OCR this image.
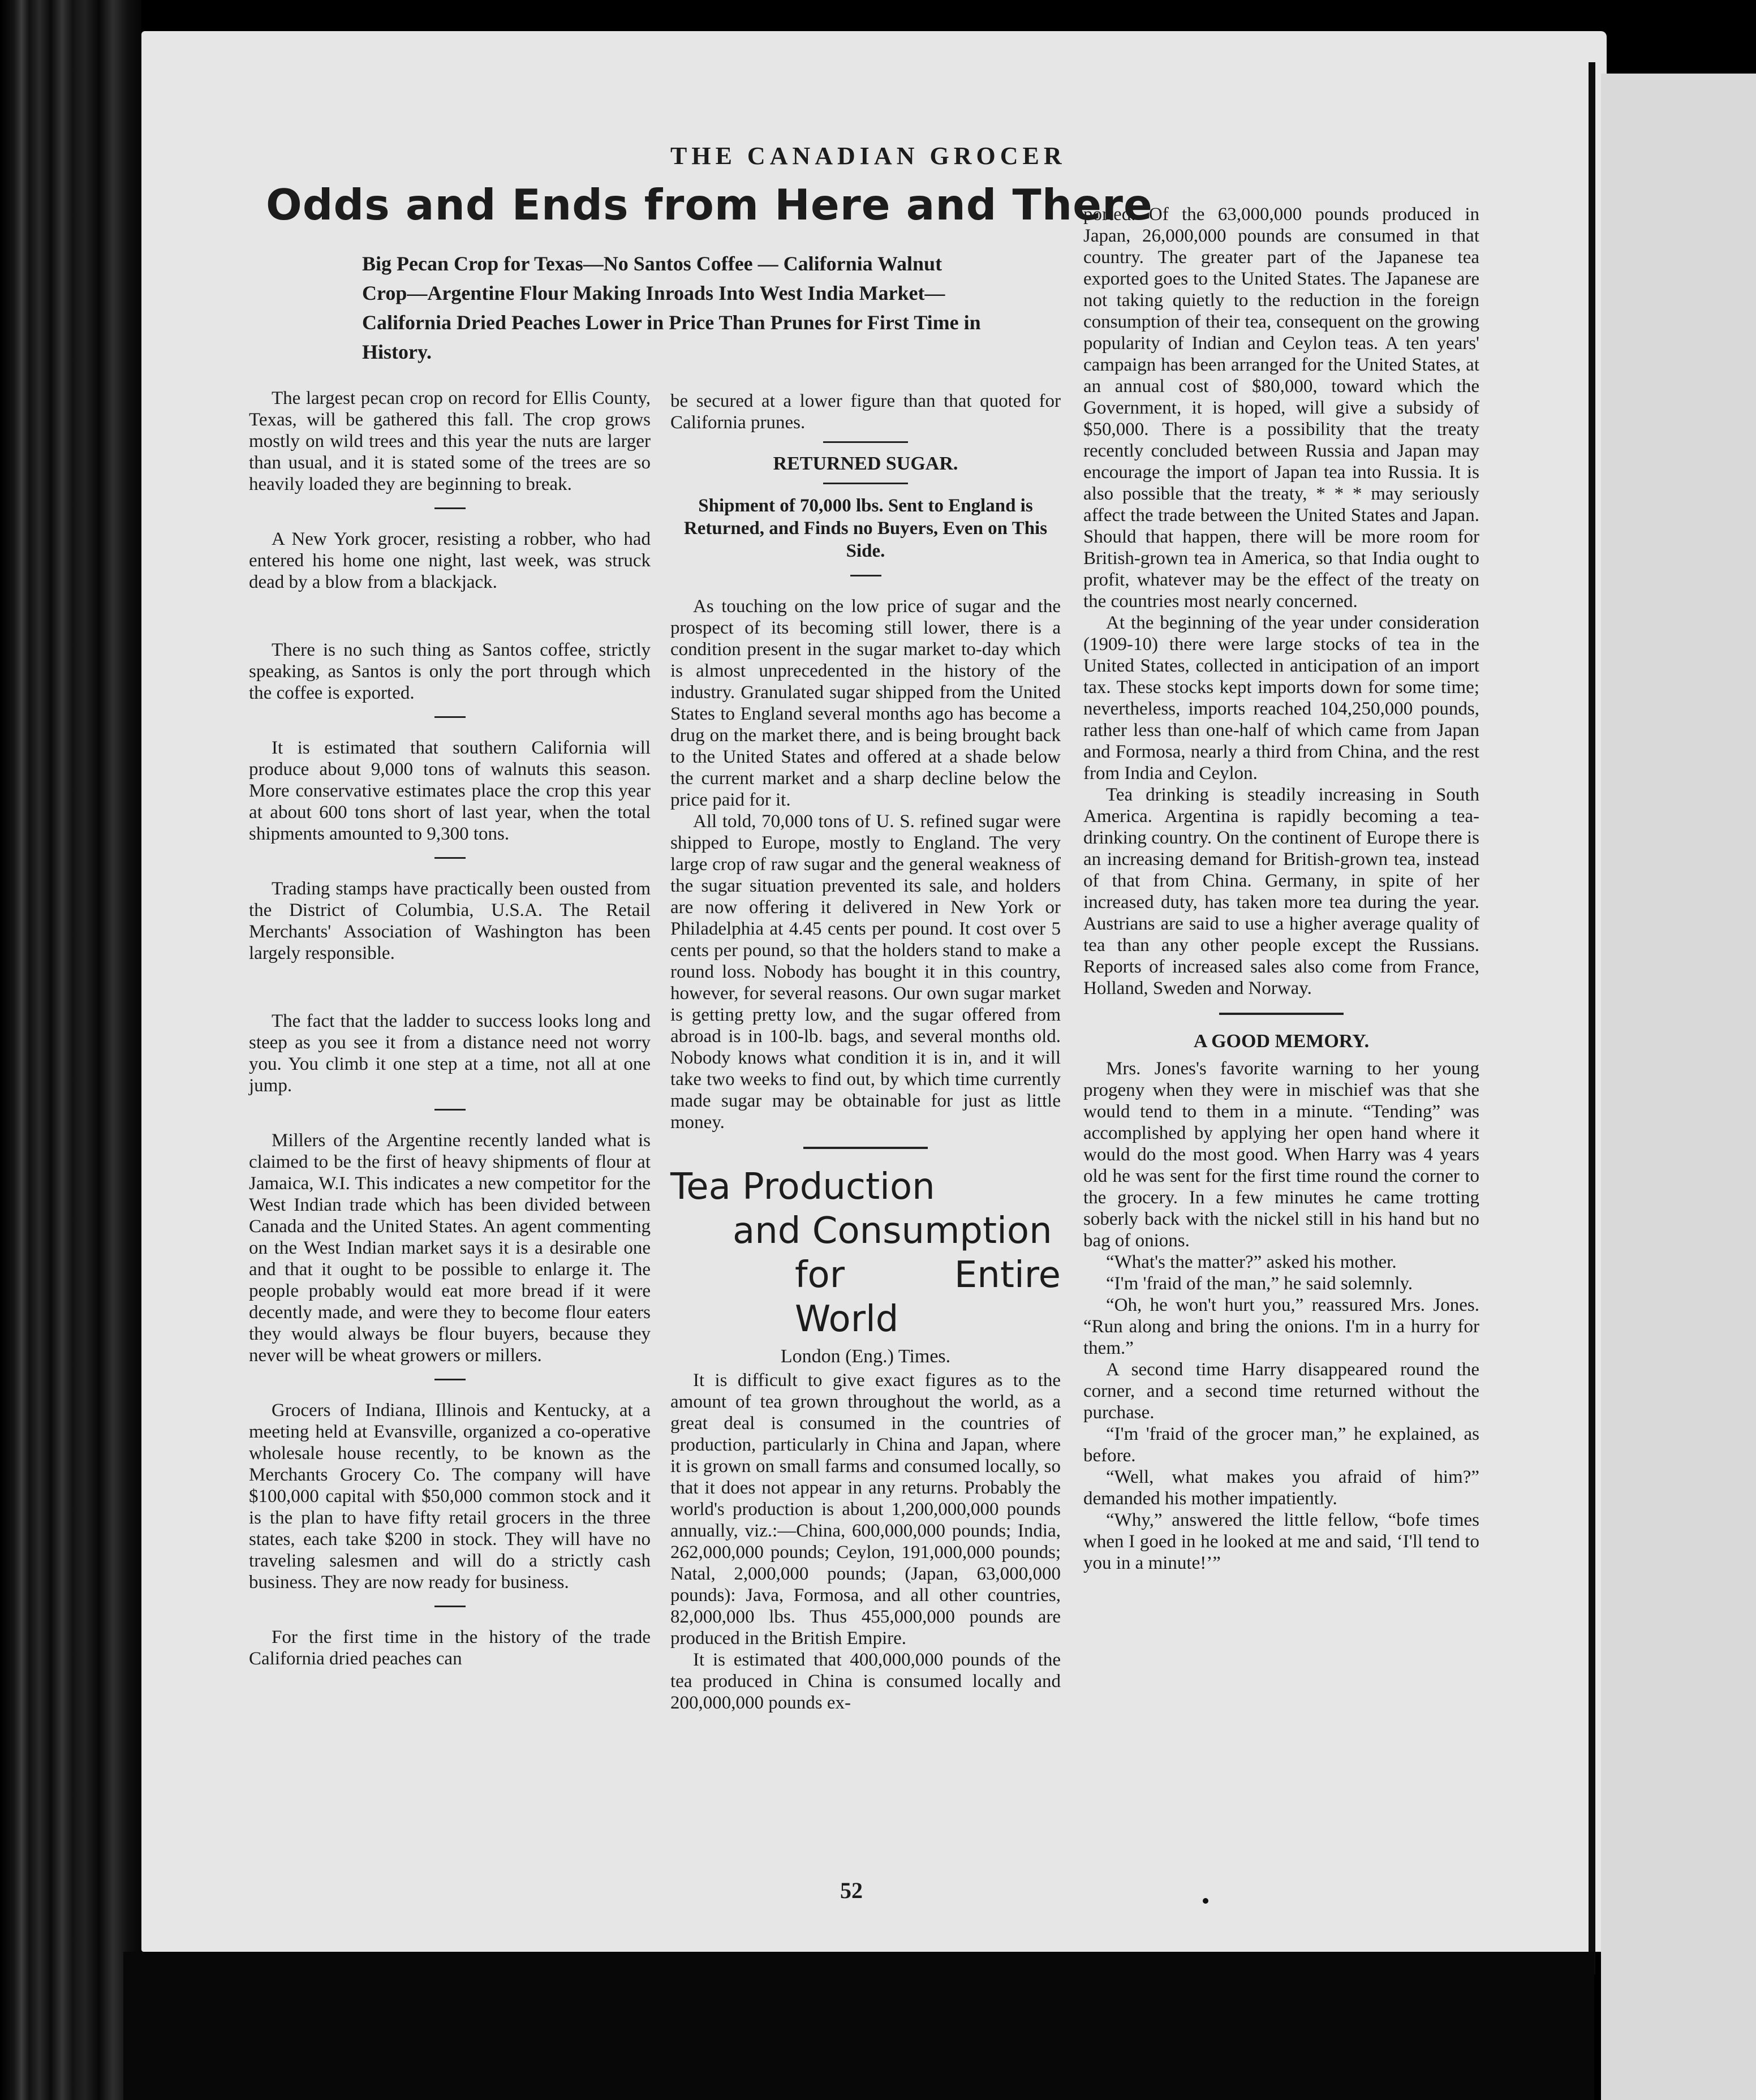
THE CANADIAN GROCER
Odds and Ends from Here and There

Big Pecan Crop for Texas—No Santos Coffee — California Walnut Crop—Argentine Flour Making Inroads Into West India Market—California Dried Peaches Lower in Price Than Prunes for First Time in History.

The largest pecan crop on record for Ellis County, Texas, will be gathered this fall. The crop grows mostly on wild trees and this year the nuts are larger than usual, and it is stated some of the trees are so heavily loaded they are beginning to break.

A New York grocer, resisting a robber, who had entered his home one night, last week, was struck dead by a blow from a blackjack.

There is no such thing as Santos coffee, strictly speaking, as Santos is only the port through which the coffee is exported.

It is estimated that southern California will produce about 9,000 tons of walnuts this season. More conservative estimates place the crop this year at about 600 tons short of last year, when the total shipments amounted to 9,300 tons.

Trading stamps have practically been ousted from the District of Columbia, U.S.A. The Retail Merchants' Association of Washington has been largely responsible.

The fact that the ladder to success looks long and steep as you see it from a distance need not worry you. You climb it one step at a time, not all at one jump.

Millers of the Argentine recently landed what is claimed to be the first of heavy shipments of flour at Jamaica, W.I. This indicates a new competitor for the West Indian trade which has been divided between Canada and the United States. An agent commenting on the West Indian market says it is a desirable one and that it ought to be possible to enlarge it. The people probably would eat more bread if it were decently made, and were they to become flour eaters they would always be flour buyers, because they never will be wheat growers or millers.

Grocers of Indiana, Illinois and Kentucky, at a meeting held at Evansville, organized a co-operative wholesale house recently, to be known as the Merchants Grocery Co. The company will have $100,000 capital with $50,000 common stock and it is the plan to have fifty retail grocers in the three states, each take $200 in stock. They will have no traveling salesmen and will do a strictly cash business. They are now ready for business.

For the first time in the history of the trade California dried peaches can

be secured at a lower figure than that quoted for California prunes.

RETURNED SUGAR.
Shipment of 70,000 lbs. Sent to England is Returned, and Finds no Buyers, Even on This Side.

As touching on the low price of sugar and the prospect of its becoming still lower, there is a condition present in the sugar market to-day which is almost unprecedented in the history of the industry. Granulated sugar shipped from the United States to England several months ago has become a drug on the market there, and is being brought back to the United States and offered at a shade below the current market and a sharp decline below the price paid for it.

All told, 70,000 tons of U. S. refined sugar were shipped to Europe, mostly to England. The very large crop of raw sugar and the general weakness of the sugar situation prevented its sale, and holders are now offering it delivered in New York or Philadelphia at 4.45 cents per pound. It cost over 5 cents per pound, so that the holders stand to make a round loss. Nobody has bought it in this country, however, for several reasons. Our own sugar market is getting pretty low, and the sugar offered from abroad is in 100-lb. bags, and several months old. Nobody knows what condition it is in, and it will take two weeks to find out, by which time currently made sugar may be obtainable for just as little money.

Tea Production
and Consumption
for Entire World
London (Eng.) Times.

It is difficult to give exact figures as to the amount of tea grown throughout the world, as a great deal is consumed in the countries of production, particularly in China and Japan, where it is grown on small farms and consumed locally, so that it does not appear in any returns. Probably the world's production is about 1,200,000,000 pounds annually, viz.:—China, 600,000,000 pounds; India, 262,000,000 pounds; Ceylon, 191,000,000 pounds; Natal, 2,000,000 pounds; (Japan, 63,000,000 pounds): Java, Formosa, and all other countries, 82,000,000 lbs. Thus 455,000,000 pounds are produced in the British Empire.

It is estimated that 400,000,000 pounds of the tea produced in China is consumed locally and 200,000,000 pounds ex-

ported. Of the 63,000,000 pounds produced in Japan, 26,000,000 pounds are consumed in that country. The greater part of the Japanese tea exported goes to the United States. The Japanese are not taking quietly to the reduction in the foreign consumption of their tea, consequent on the growing popularity of Indian and Ceylon teas. A ten years' campaign has been arranged for the United States, at an annual cost of $80,000, toward which the Government, it is hoped, will give a subsidy of $50,000. There is a possibility that the treaty recently concluded between Russia and Japan may encourage the import of Japan tea into Russia. It is also possible that the treaty, * * * may seriously affect the trade between the United States and Japan. Should that happen, there will be more room for British-grown tea in America, so that India ought to profit, whatever may be the effect of the treaty on the countries most nearly concerned.

At the beginning of the year under consideration (1909-10) there were large stocks of tea in the United States, collected in anticipation of an import tax. These stocks kept imports down for some time; nevertheless, imports reached 104,250,000 pounds, rather less than one-half of which came from Japan and Formosa, nearly a third from China, and the rest from India and Ceylon.

Tea drinking is steadily increasing in South America. Argentina is rapidly becoming a tea-drinking country. On the continent of Europe there is an increasing demand for British-grown tea, instead of that from China. Germany, in spite of her increased duty, has taken more tea during the year. Austrians are said to use a higher average quality of tea than any other people except the Russians. Reports of increased sales also come from France, Holland, Sweden and Norway.

A GOOD MEMORY.

Mrs. Jones's favorite warning to her young progeny when they were in mischief was that she would tend to them in a minute. “Tending” was accomplished by applying her open hand where it would do the most good. When Harry was 4 years old he was sent for the first time round the corner to the grocery. In a few minutes he came trotting soberly back with the nickel still in his hand but no bag of onions.

“What's the matter?” asked his mother.

“I'm 'fraid of the man,” he said solemnly.

“Oh, he won't hurt you,” reassured Mrs. Jones. “Run along and bring the onions. I'm in a hurry for them.”

A second time Harry disappeared round the corner, and a second time returned without the purchase.

“I'm 'fraid of the grocer man,” he explained, as before.

“Well, what makes you afraid of him?” demanded his mother impatiently.

“Why,” answered the little fellow, “bofe times when I goed in he looked at me and said, ‘I'll tend to you in a minute!’”

52
